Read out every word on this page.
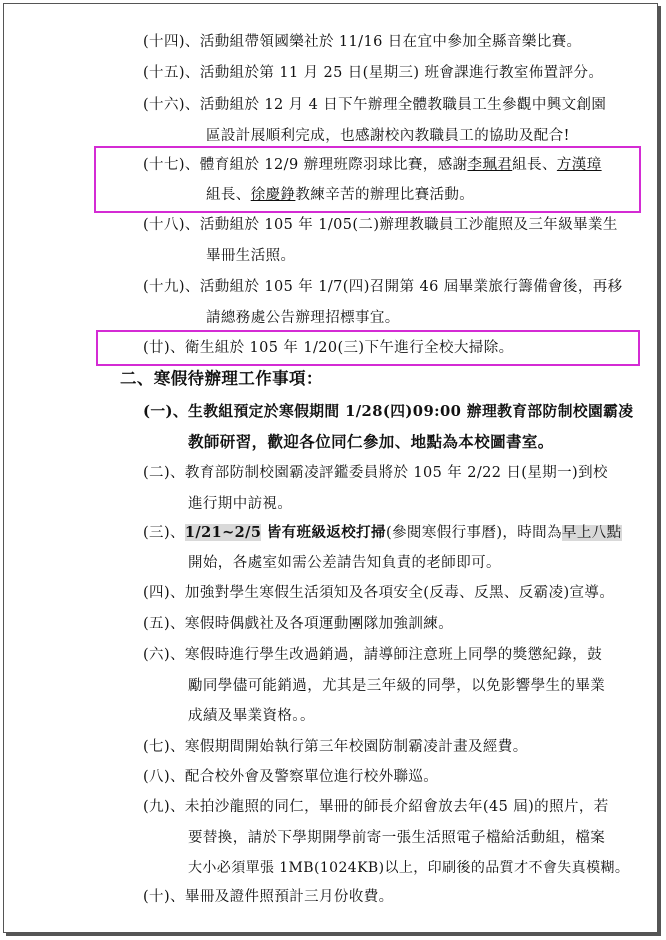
(十四)、活動組帶領國樂社於 11/16 日在宜中參加全縣音樂比賽。
(十五)、活動組於第 11 月 25 日(星期三) 班會課進行教室佈置評分。
(十六)、活動組於 12 月 4 日下午辦理全體教職員工生參觀中興文創園
區設計展順利完成，也感謝校內教職員工的協助及配合!
(十七)、體育組於 12/9 辦理班際羽球比賽，感謝李珮君組長、方漢璋
組長、徐慶錚教練辛苦的辦理比賽活動。
(十八)、活動組於 105 年 1/05(二)辦理教職員工沙龍照及三年級畢業生
畢冊生活照。
(十九)、活動組於 105 年 1/7(四)召開第 46 屆畢業旅行籌備會後，再移
請總務處公告辦理招標事宜。
(廿)、衛生組於 105 年 1/20(三)下午進行全校大掃除。
二、寒假待辦理工作事項：
(一)、生教組預定於寒假期間 1/28(四)09:00 辦理教育部防制校園霸凌
教師研習，歡迎各位同仁參加、地點為本校圖書室。
(二)、教育部防制校園霸凌評鑑委員將於 105 年 2/22 日(星期一)到校
進行期中訪視。
(三)、1/21~2/5 皆有班級返校打掃(參閱寒假行事曆)，時間為早上八點
開始，各處室如需公差請告知負責的老師即可。
(四)、加強對學生寒假生活須知及各項安全(反毒、反黑、反霸凌)宣導。
(五)、寒假時偶戲社及各項運動團隊加強訓練。
(六)、寒假時進行學生改過銷過，請導師注意班上同學的獎懲紀錄，鼓
勵同學儘可能銷過，尤其是三年級的同學，以免影響學生的畢業
成績及畢業資格。。
(七)、寒假期間開始執行第三年校園防制霸凌計畫及經費。
(八)、配合校外會及警察單位進行校外聯巡。
(九)、未拍沙龍照的同仁，畢冊的師長介紹會放去年(45 屆)的照片，若
要替換，請於下學期開學前寄一張生活照電子檔給活動組，檔案
大小必須單張 1MB(1024KB)以上，印刷後的品質才不會失真模糊。
(十)、畢冊及證件照預計三月份收費。
